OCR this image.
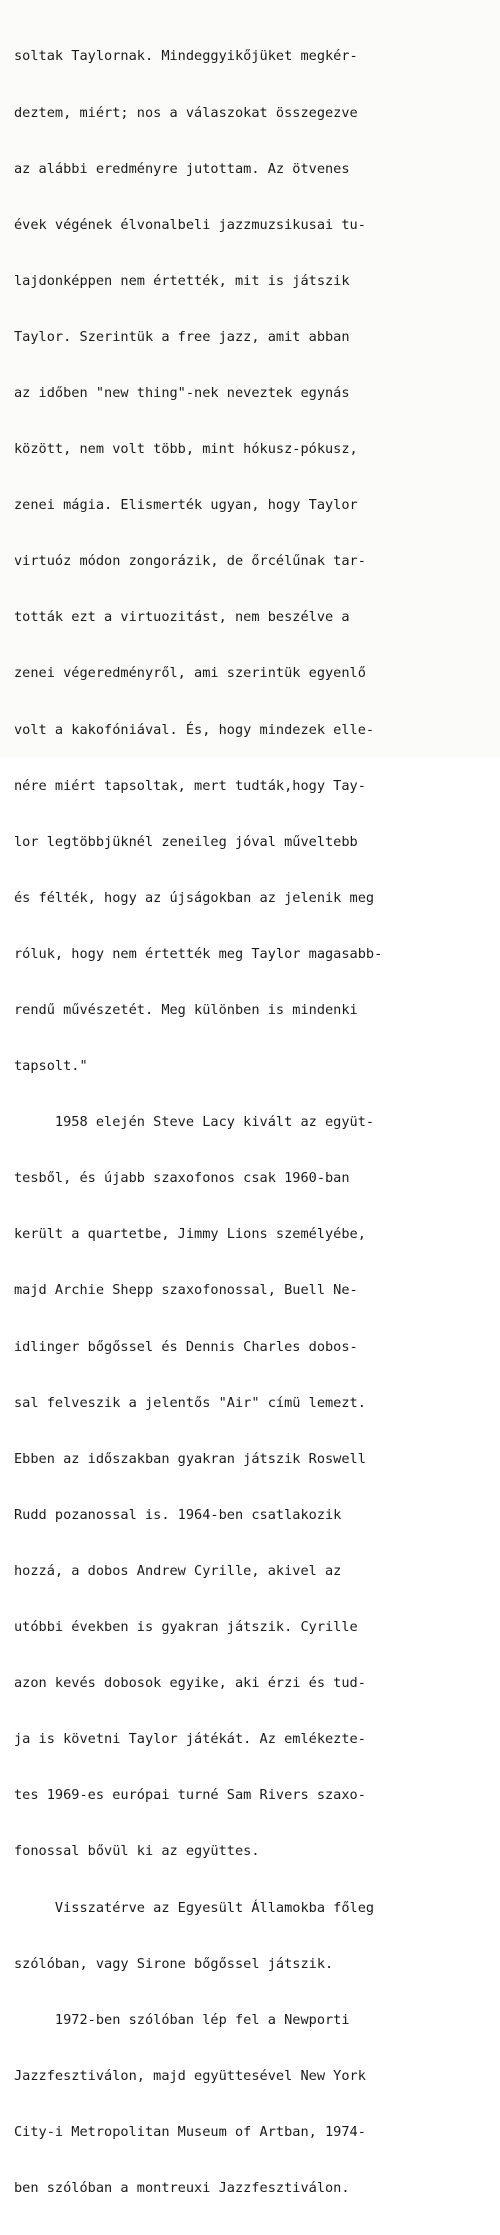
soltak Taylornak. Mindeggyikőjüket megkér-

deztem, miért; nos a válaszokat összegezve

az alábbi eredményre jutottam. Az ötvenes

évek végének élvonalbeli jazzmuzsikusai tu-

lajdonképpen nem értették, mit is játszik

Taylor. Szerintük a free jazz, amit abban

az időben "new thing"-nek neveztek egynás

között, nem volt több, mint hókusz-pókusz,

zenei mágia. Elismerték ugyan, hogy Taylor

virtuóz módon zongorázik, de őrcélűnak tar-

tották ezt a virtuozitást, nem beszélve a

zenei végeredményről, ami szerintük egyenlő

volt a kakofóniával. És, hogy mindezek elle-

nére miért tapsoltak, mert tudták,hogy Tay-

lor legtöbbjüknél zeneileg jóval műveltebb

és félték, hogy az újságokban az jelenik meg

róluk, hogy nem értették meg Taylor magasabb-

rendű művészetét. Meg különben is mindenki

tapsolt."

1958 elején Steve Lacy kivált az együt-

tesből, és újabb szaxofonos csak 1960-ban

került a quartetbe, Jimmy Lions személyébe,

majd Archie Shepp szaxofonossal, Buell Ne-

idlinger bőgőssel és Dennis Charles dobos-

sal felveszik a jelentős "Air" címü lemezt.

Ebben az időszakban gyakran játszik Roswell

Rudd pozanossal is. 1964-ben csatlakozik

hozzá, a dobos Andrew Cyrille, akivel az

utóbbi években is gyakran játszik. Cyrille

azon kevés dobosok egyike, aki érzi és tud-

ja is követni Taylor játékát. Az emlékezte-

tes 1969-es európai turné Sam Rivers szaxo-

fonossal bővül ki az együttes.

Visszatérve az Egyesült Államokba főleg

szólóban, vagy Sirone bőgőssel játszik.

1972-ben szólóban lép fel a Newporti

Jazzfesztiválon, majd együttesével New York

City-i Metropolitan Museum of Artban, 1974-

ben szólóban a montreuxi Jazzfesztiválon.
